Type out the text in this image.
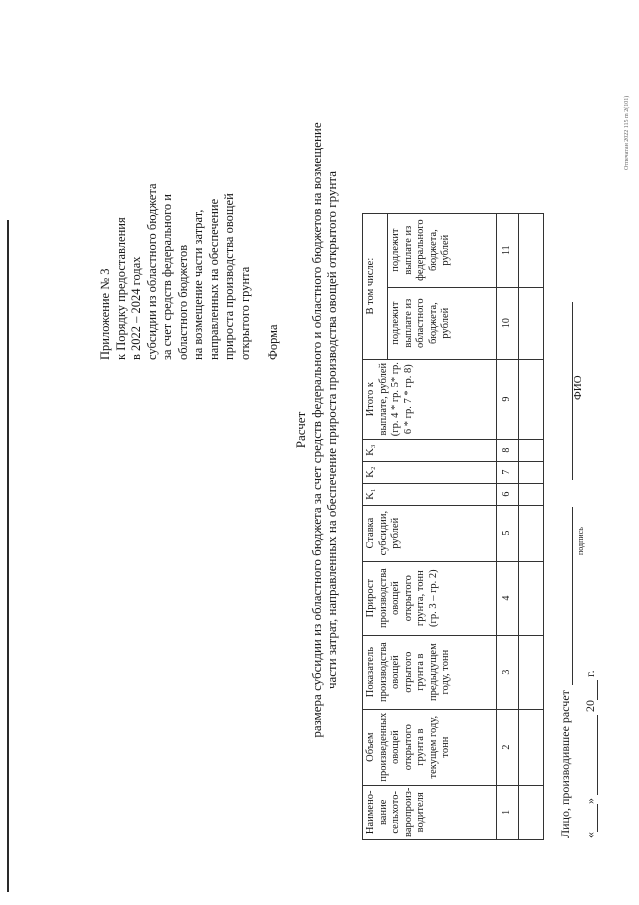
Приложение № 3 к Порядку предоставления в 2022 – 2024 годах субсидии из областного бюджета за счет средств федерального и областного бюджетов на возмещение части затрат, направленных на обеспечение прироста производства овощей открытого грунта Форма
Расчет размера субсидии из областного бюджета за счет средств федерального и областного бюджетов на возмещение части затрат, направленных на обеспечение прироста производства овощей открытого грунта
Наимено-вание сельхото-варопроиз-водителя	Объем произведенных овощей открытого грунта в текущем году, тонн	Показатель производства овощей отрытого грунта в предыдущем году, тонн	Прирост производства овощей открытого грунта, тонн (гр. 3 – гр. 2)	Ставка субсидии, рублей	K₁	K₂	K₃	Итого к выплате, рублей (гр. 4 * гр. 5* гр. 6 * гр. 7 * гр. 8)	В том числе:	
									подлежит выплате из областного бюджета, рублей	подлежит выплате из федерального бюджета, рублей
1	2	3	4	5	6	7	8	9	10	11

Лицо, производившее расчет
подпись
ФИО
«»  20 г.
Отпечатан 2022 115 m 2(101)
